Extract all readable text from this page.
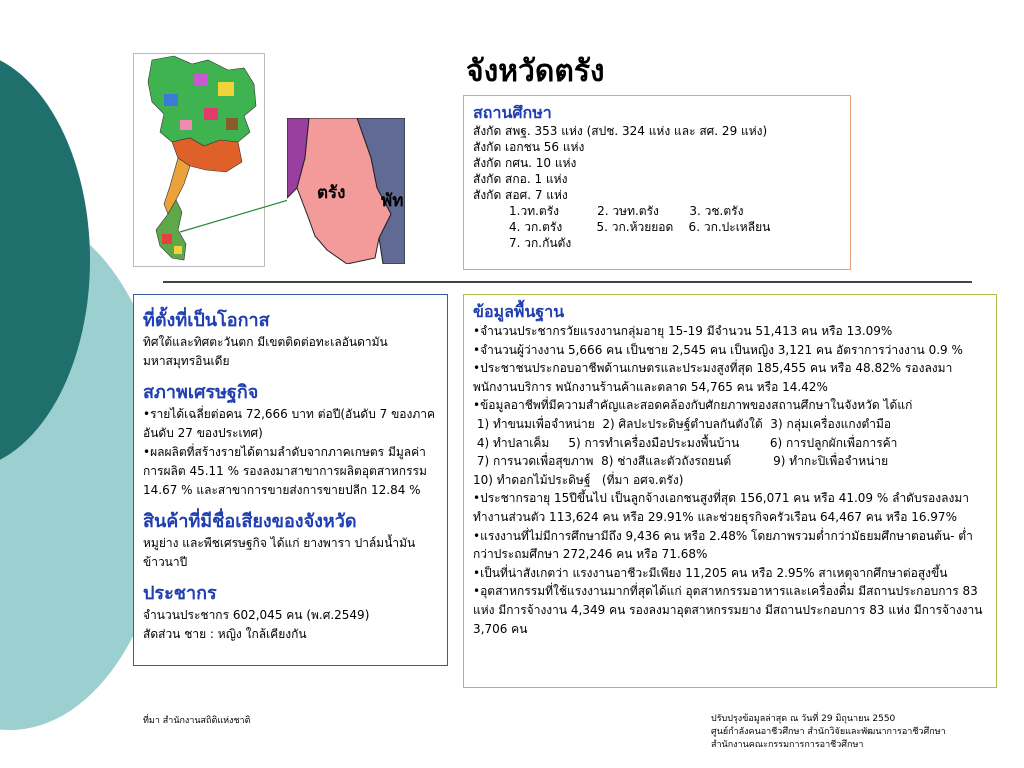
จังหวัดตรัง
ตรัง พัท
สถานศึกษา
สังกัด สพฐ. 353 แห่ง (สปช. 324 แห่ง และ สศ. 29 แห่ง)
สังกัด เอกชน 56 แห่ง
สังกัด กศน. 10 แห่ง
สังกัด สกอ. 1 แห่ง
สังกัด สอศ. 7 แห่ง
1.วท.ตรัง          2. วษท.ตรัง        3. วช.ตรัง
4. วก.ตรัง         5. วก.ห้วยยอด    6. วก.ปะเหลียน
7. วก.กันตัง
ที่ตั้งที่เป็นโอกาส
ทิศใต้และทิศตะวันตก มีเขตติดต่อทะเลอันดามัน มหาสมุทรอินเดีย
สภาพเศรษฐกิจ
•รายได้เฉลี่ยต่อคน 72,666 บาท ต่อปี(อันดับ 7 ของภาค อันดับ 27 ของประเทศ)
•ผลผลิตที่สร้างรายได้ตามลำดับจากภาคเกษตร มีมูลค่าการผลิต 45.11 % รองลงมาสาขาการผลิตอุตสาหกรรม 14.67 % และสาขาการขายส่งการขายปลีก 12.84 %
สินค้าที่มีชื่อเสียงของจังหวัด
หมูย่าง และพืชเศรษฐกิจ ได้แก่ ยางพารา ปาล์มน้ำมัน ข้าวนาปี
ประชากร
จำนวนประชากร 602,045 คน (พ.ศ.2549)
สัดส่วน ชาย : หญิง ใกล้เคียงกัน
ข้อมูลพื้นฐาน
•จำนวนประชากรวัยแรงงานกลุ่มอายุ 15-19 มีจำนวน 51,413 คน หรือ 13.09%
•จำนวนผู้ว่างงาน 5,666 คน เป็นชาย 2,545 คน เป็นหญิง 3,121 คน อัตราการว่างงาน 0.9 %
•ประชาชนประกอบอาชีพด้านเกษตรและประมงสูงที่สุด 185,455 คน หรือ 48.82% รองลงมาพนักงานบริการ พนักงานร้านค้าและตลาด 54,765 คน หรือ 14.42%
•ข้อมูลอาชีพที่มีความสำคัญและสอดคล้องกับศักยภาพของสถานศึกษาในจังหวัด ได้แก่
1) ทำขนมเพื่อจำหน่าย  2) ศิลปะประดิษฐ์ตำบลกันตังใต้  3) กลุ่มเครื่องแกงตำมือ
4) ทำปลาเค็ม     5) การทำเครื่องมือประมงพื้นบ้าน        6) การปลูกผักเพื่อการค้า
7) การนวดเพื่อสุขภาพ  8) ช่างสีและตัวถังรถยนต์           9) ทำกะปิเพื่อจำหน่าย
10) ทำดอกไม้ประดิษฐ์   (ที่มา อศจ.ตรัง)
•ประชากรอายุ 15ปีขึ้นไป เป็นลูกจ้างเอกชนสูงที่สุด 156,071 คน หรือ 41.09 % ลำดับรองลงมาทำงานส่วนตัว 113,624 คน หรือ 29.91% และช่วยธุรกิจครัวเรือน 64,467 คน หรือ 16.97%
•แรงงานที่ไม่มีการศึกษามีถึง 9,436 คน หรือ 2.48% โดยภาพรวมต่ำกว่ามัธยมศึกษาตอนต้น- ต่ำกว่าประถมศึกษา 272,246 คน หรือ 71.68%
•เป็นที่น่าสังเกตว่า แรงงานอาชีวะมีเพียง 11,205 คน หรือ 2.95% สาเหตุจากศึกษาต่อสูงขึ้น
•อุตสาหกรรมที่ใช้แรงงานมากที่สุดได้แก่ อุตสาหกรรมอาหารและเครื่องดื่ม มีสถานประกอบการ 83 แห่ง มีการจ้างงาน 4,349 คน รองลงมาอุตสาหกรรมยาง มีสถานประกอบการ 83 แห่ง มีการจ้างงาน 3,706 คน
ที่มา สำนักงานสถิติแห่งชาติ	ปรับปรุงข้อมูลล่าสุด ณ วันที่ 29 มิถุนายน 2550
ศูนย์กำลังคนอาชีวศึกษา สำนักวิจัยและพัฒนาการอาชีวศึกษา
สำนักงานคณะกรรมการการอาชีวศึกษา
